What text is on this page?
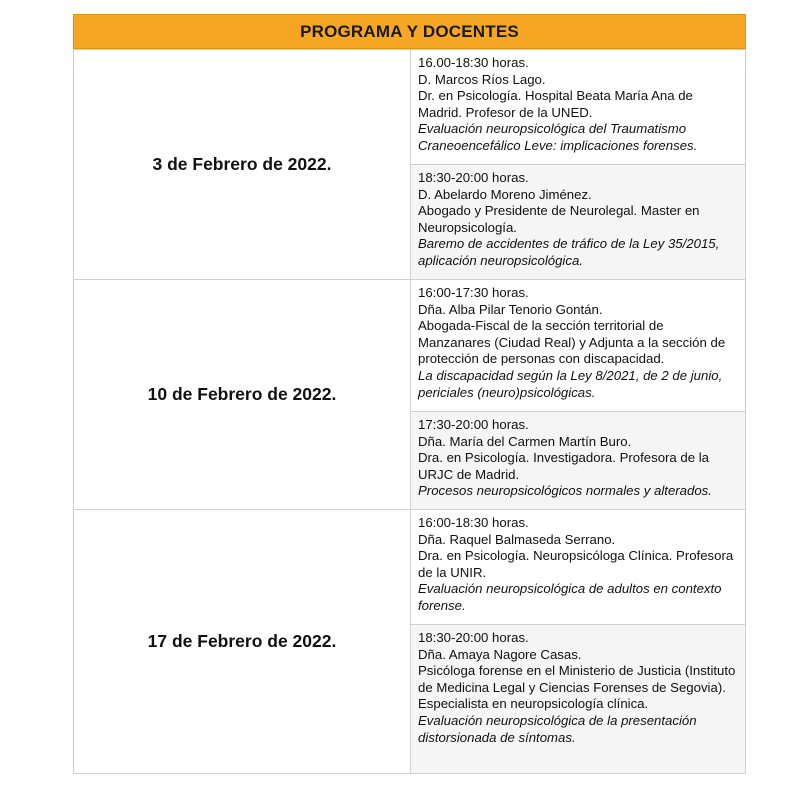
PROGRAMA Y DOCENTES
3 de Febrero de 2022.	16.00-18:30 horas.
D. Marcos Ríos Lago.
Dr. en Psicología. Hospital Beata María Ana de Madrid. Profesor de la UNED.
Evaluación neuropsicológica del Traumatismo Craneoencefálico Leve: implicaciones forenses.

	18:30-20:00 horas.
D. Abelardo Moreno Jiménez.
Abogado y Presidente de Neurolegal. Master en Neuropsicología.
Baremo de accidentes de tráfico de la Ley 35/2015, aplicación neuropsicológica.

10 de Febrero de 2022.	16:00-17:30 horas.
Dña. Alba Pilar Tenorio Gontán.
Abogada-Fiscal de la sección territorial de Manzanares (Ciudad Real) y Adjunta a la sección de protección de personas con discapacidad.
La discapacidad según la Ley 8/2021, de 2 de junio, periciales (neuro)psicológicas.

	17:30-20:00 horas.
Dña. María del Carmen Martín Buro.
Dra. en Psicología. Investigadora. Profesora de la URJC de Madrid.
Procesos neuropsicológicos normales y alterados.

17 de Febrero de 2022.	16:00-18:30 horas.
Dña. Raquel Balmaseda Serrano.
Dra. en Psicología. Neuropsicóloga Clínica. Profesora de la UNIR.
Evaluación neuropsicológica de adultos en contexto forense.

	18:30-20:00 horas.
Dña. Amaya Nagore Casas.
Psicóloga forense en el Ministerio de Justicia (Instituto de Medicina Legal y Ciencias Forenses de Segovia). Especialista en neuropsicología clínica.
Evaluación neuropsicológica de la presentación distorsionada de síntomas.
